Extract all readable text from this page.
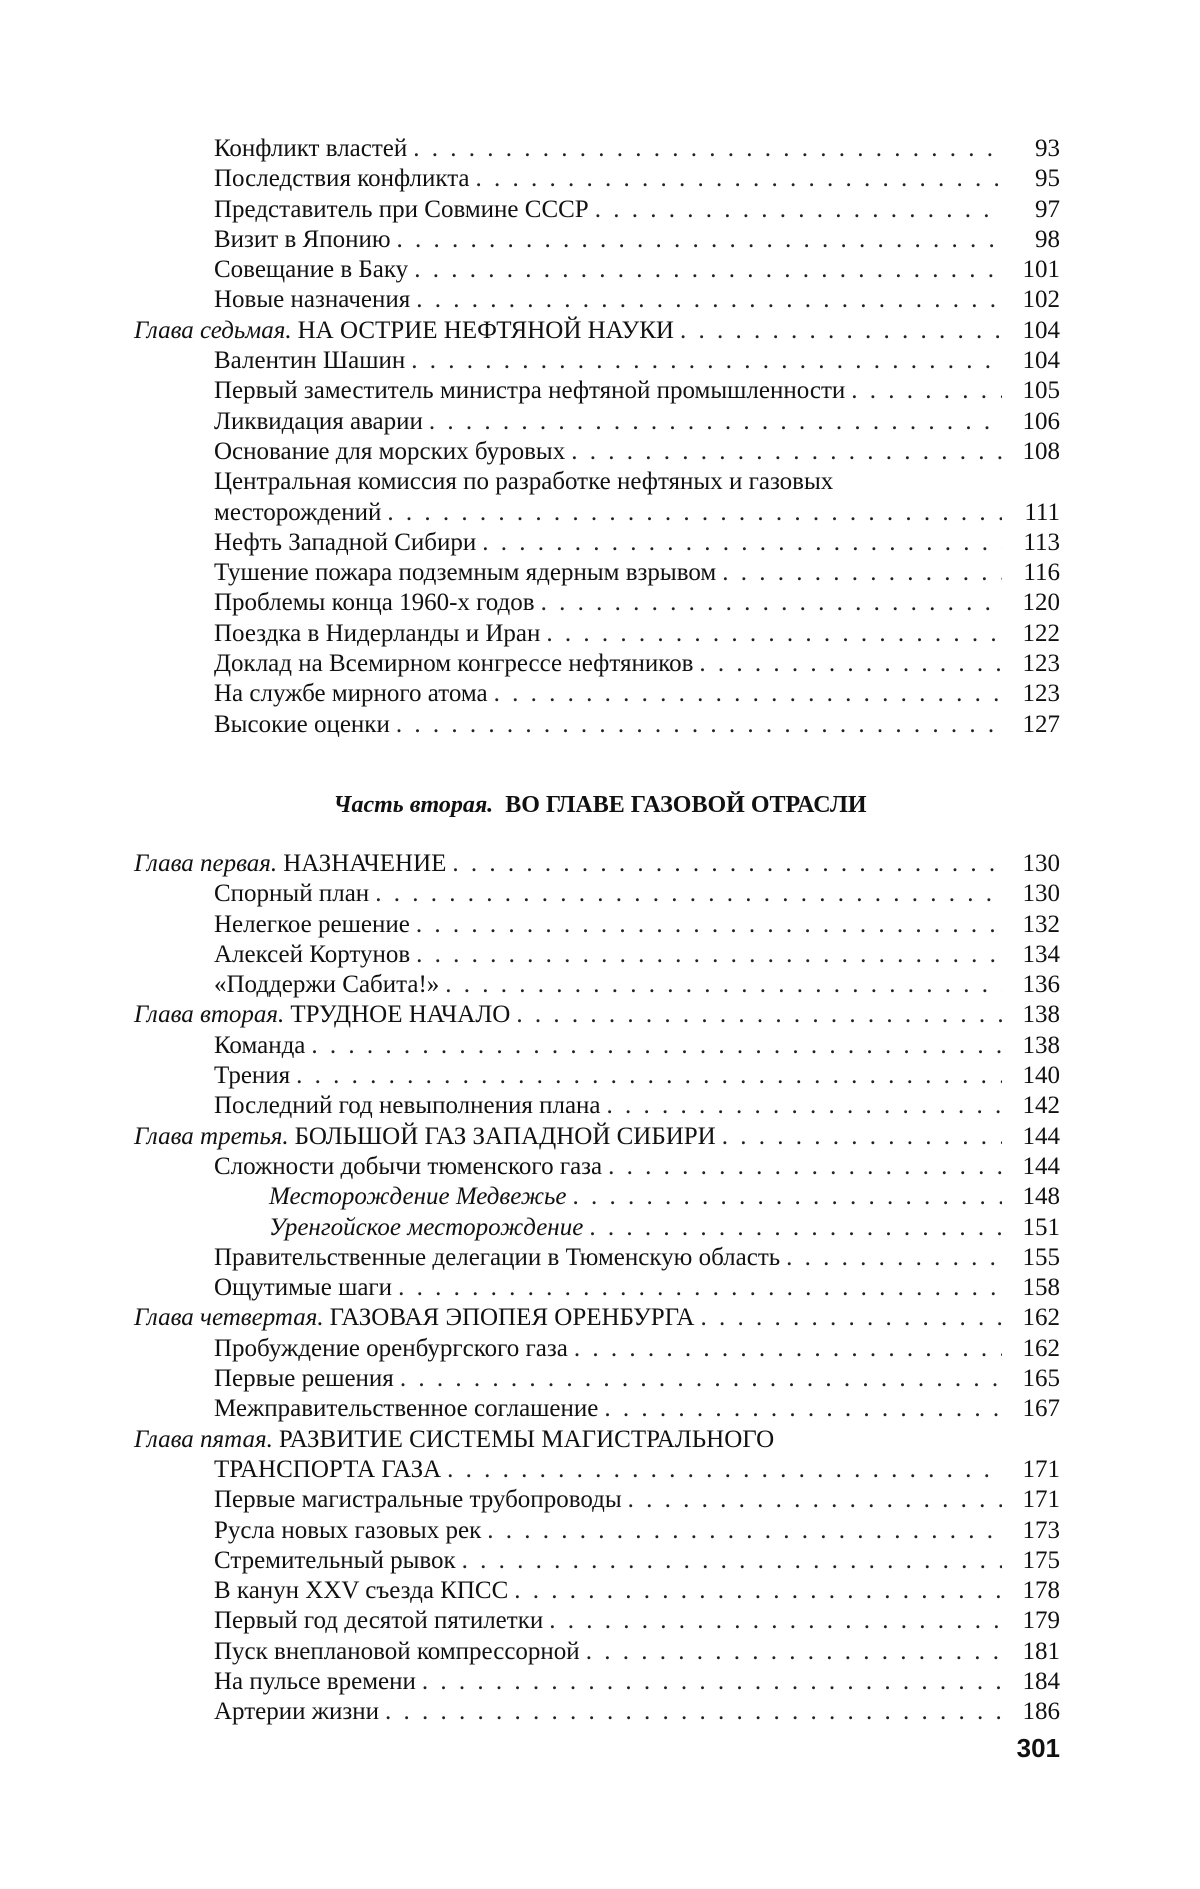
Конфликт властей
. . .	93
Последствия конфликта
. . .	95
Представитель при Совмине СССР
. . .	97
Визит в Японию
. . .	98
Совещание в Баку
. . .	101
Новые назначения
. . .	102
Глава седьмая. НА ОСТРИЕ НЕФТЯНОЙ НАУКИ
. . .	104
Валентин Шашин
. . .	104
Первый заместитель министра нефтяной промышленности
. . .	105
Ликвидация аварии
. . .	106
Основание для морских буровых
. . .	108
Центральная комиссия по разработке нефтяных и газовых
месторождений
. . .	111
Нефть Западной Сибири
. . .	113
Тушение пожара подземным ядерным взрывом
. . .	116
Проблемы конца 1960-х годов
. . .	120
Поездка в Нидерланды и Иран
. . .	122
Доклад на Всемирном конгрессе нефтяников
. . .	123
На службе мирного атома
. . .	123
Высокие оценки
. . .	127
Часть вторая. ВО ГЛАВЕ ГАЗОВОЙ ОТРАСЛИ
Глава первая. НАЗНАЧЕНИЕ
. . .	130
Спорный план
. . .	130
Нелегкое решение
. . .	132
Алексей Кортунов
. . .	134
«Поддержи Сабита!»
. . .	136
Глава вторая. ТРУДНОЕ НАЧАЛО
. . .	138
Команда
. . .	138
Трения
. . .	140
Последний год невыполнения плана
. . .	142
Глава третья. БОЛЬШОЙ ГАЗ ЗАПАДНОЙ СИБИРИ
. . .	144
Сложности добычи тюменского газа
. . .	144
Месторождение Медвежье
. . .	148
Уренгойское месторождение
. . .	151
Правительственные делегации в Тюменскую область
. . .	155
Ощутимые шаги
. . .	158
Глава четвертая. ГАЗОВАЯ ЭПОПЕЯ ОРЕНБУРГА
. . .	162
Пробуждение оренбургского газа
. . .	162
Первые решения
. . .	165
Межправительственное соглашение
. . .	167
Глава пятая. РАЗВИТИЕ СИСТЕМЫ МАГИСТРАЛЬНОГО
ТРАНСПОРТА ГАЗА
. . .	171
Первые магистральные трубопроводы
. . .	171
Русла новых газовых рек
. . .	173
Стремительный рывок
. . .	175
В канун XXV съезда КПСС
. . .	178
Первый год десятой пятилетки
. . .	179
Пуск внеплановой компрессорной
. . .	181
На пульсе времени
. . .	184
Артерии жизни
. . .	186
301
